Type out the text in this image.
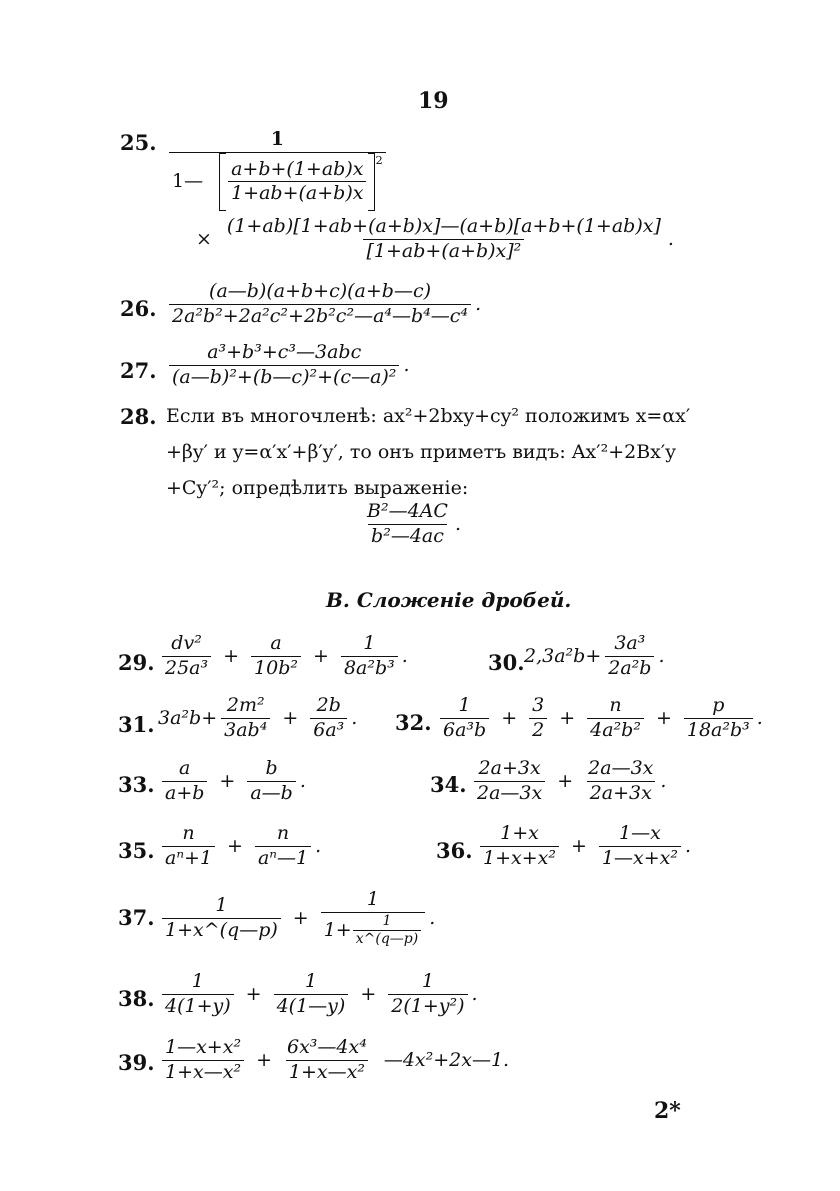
19
25.	1
1— $\frac{a+b+(1+ab)x}{1+ab+(a+b)x} ^2$
× $\frac{(1+ab)[1+ab+(a+b)x]—(a+b)[a+b+(1+ab)x]}{\text{[1+ab+(a+b)x]²}}$ .
26. $\frac{(a—b)(a+b+c)(a+b—c)}{\text{2a²b²+2a²c²+2b²c²—a⁴—b⁴—c⁴}}$ .
27. $\frac{\text{a³+b³+c³—3abc}}{\text{(a—b)²+(b—c)²+(c—a)²}}$ .
28. Если въ многочленѣ: ax²+2bxy+cy² положимъ x=αx′
+βy′ и y=α′x′+β′y′, то онъ приметъ видъ: Ax′²+2Bx′y
+Cy′²; опредѣлить выраженіе:
$\frac{\text{B²—4AC}}{\text{b²—4ac}}$ .
B. Сложеніе дробей.
29. $\frac{\text{dv²}}{\text{25a³}} + \frac{a}{\text{10b²}} + \frac{1}{\text{8a²b³}}$ .	30. $2,3a^2b+ \frac{\text{3a³}}{\text{2a²b}}$ .
31. $3a^2b+ \frac{\text{2m²}}{\text{3ab⁴}} + \frac{2b}{\text{6a³}}$ . 32. $\frac{1}{\text{6a³b}} + \frac{3}{2} + \frac{n}{\text{4a²b²}} + \frac{p}{\text{18a²b³}}$ .
33. $\frac{a}{a+b} + \frac{b}{a—b}$ .	34. $\frac{2a+3x}{2a—3x} + \frac{2a—3x}{2a+3x}$ .
35. $\frac{n}{\text{aⁿ+1}} + \frac{n}{\text{aⁿ—1}}$ .	36. $\frac{1+x}{\text{1+x+x²}} + \frac{1—x}{\text{1—x+x²}}$ .
37. $\frac{1}{1+x\^{}(q—p)} + \frac{1}{1+ \frac{1}{x\^{}(q—p)}}$ .
38. $\frac{1}{4(1+y)} + \frac{1}{4(1—y)} + \frac{1}{\text{2(1+y²)}}$ .
39. $\frac{\text{1—x+x²}}{\text{1+x—x²}} + \frac{\text{6x³—4x⁴}}{\text{1+x—x²}}$ —4x²+2x—1.
2*
